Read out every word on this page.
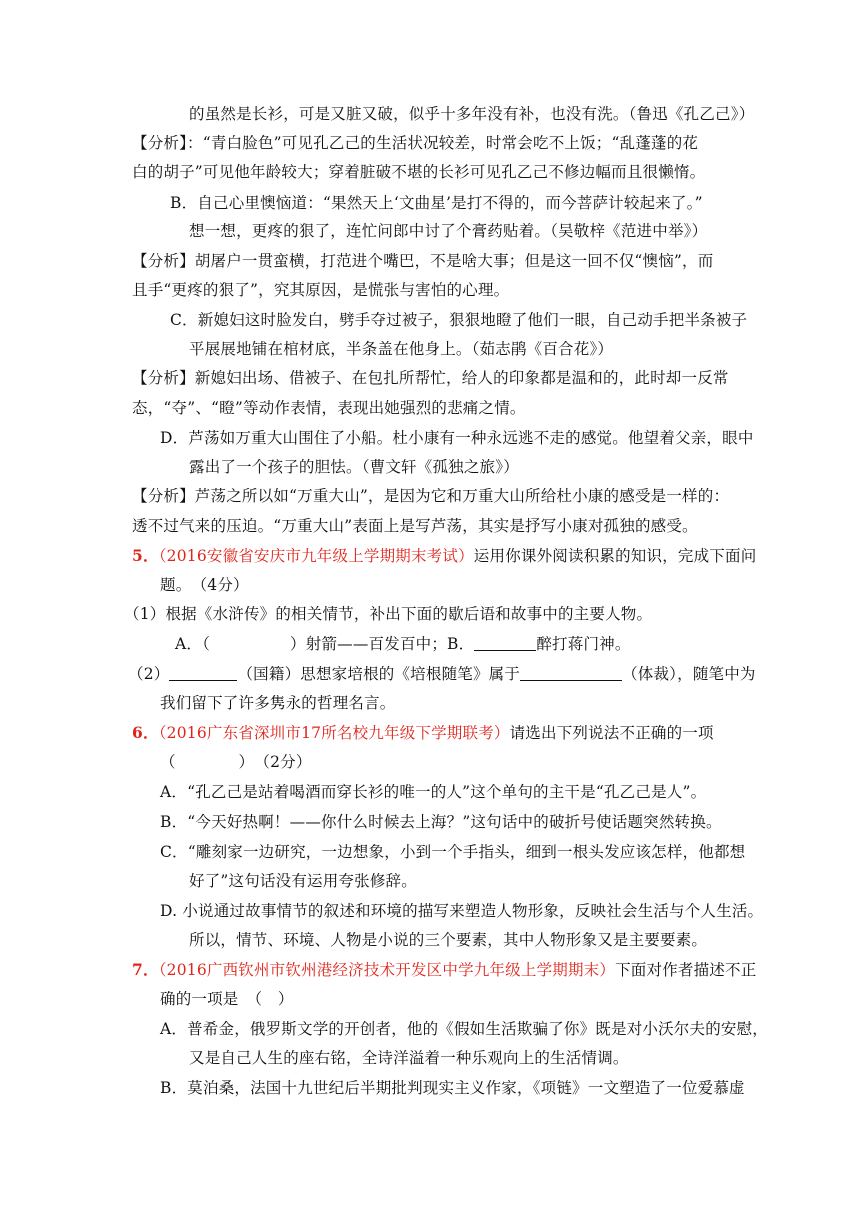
的虽然是长衫，可是又脏又破，似乎十多年没有补，也没有洗。（鲁迅《孔乙己》）
【分析】：“青白脸色”可见孔乙己的生活状况较差，时常会吃不上饭；“乱蓬蓬的花
白的胡子”可见他年龄较大；穿着脏破不堪的长衫可见孔乙己不修边幅而且很懒惰。
B．自己心里懊恼道：“果然天上‘文曲星’是打不得的，而今菩萨计较起来了。”
想一想，更疼的狠了，连忙问郎中讨了个膏药贴着。（吴敬梓《范进中举》）
【分析】胡屠户一贯蛮横，打范进个嘴巴，不是啥大事；但是这一回不仅“懊恼”，而
且手“更疼的狠了”，究其原因，是慌张与害怕的心理。
C．新媳妇这时脸发白，劈手夺过被子，狠狠地瞪了他们一眼，自己动手把半条被子
平展展地铺在棺材底，半条盖在他身上。（茹志鹃《百合花》）
【分析】新媳妇出场、借被子、在包扎所帮忙，给人的印象都是温和的，此时却一反常
态，“夺”、“瞪”等动作表情，表现出她强烈的悲痛之情。
D．芦荡如万重大山围住了小船。杜小康有一种永远逃不走的感觉。他望着父亲，眼中
露出了一个孩子的胆怯。（曹文轩《孤独之旅》）
【分析】芦荡之所以如“万重大山”，是因为它和万重大山所给杜小康的感受是一样的：
透不过气来的压迫。“万重大山”表面上是写芦荡，其实是抒写小康对孤独的感受。
5．（2016安徽省安庆市九年级上学期期末考试）运用你课外阅读积累的知识，完成下面问
题。　（4分）
（1）根据《水浒传》的相关情节，补出下面的歇后语和故事中的主要人物。
A．（	）射箭——百发百中；B．	醉打蒋门神。
（2）	（国籍）思想家培根的《培根随笔》属于	（体裁），随笔中为
我们留下了许多隽永的哲理名言。
6．（2016广东省深圳市17所名校九年级下学期联考）请选出下列说法不正确的一项
（　　　　）　（2分）
A．“孔乙己是站着喝酒而穿长衫的唯一的人”这个单句的主干是“孔乙己是人”。
B．“今天好热啊！——你什么时候去上海？”这句话中的破折号使话题突然转换。
C．“雕刻家一边研究，一边想象，小到一个手指头，细到一根头发应该怎样，他都想
好了”这句话没有运用夸张修辞。
D. 小说通过故事情节的叙述和环境的描写来塑造人物形象，反映社会生活与个人生活。
所以，情节、环境、人物是小说的三个要素，其中人物形象又是主要要素。
7．（2016广西钦州市钦州港经济技术开发区中学九年级上学期期末）下面对作者描述不正
确的一项是　（　）
A．普希金，俄罗斯文学的开创者，他的《假如生活欺骗了你》既是对小沃尔夫的安慰，
又是自己人生的座右铭，全诗洋溢着一种乐观向上的生活情调。
B．莫泊桑，法国十九世纪后半期批判现实主义作家，《项链》一文塑造了一位爱慕虚
